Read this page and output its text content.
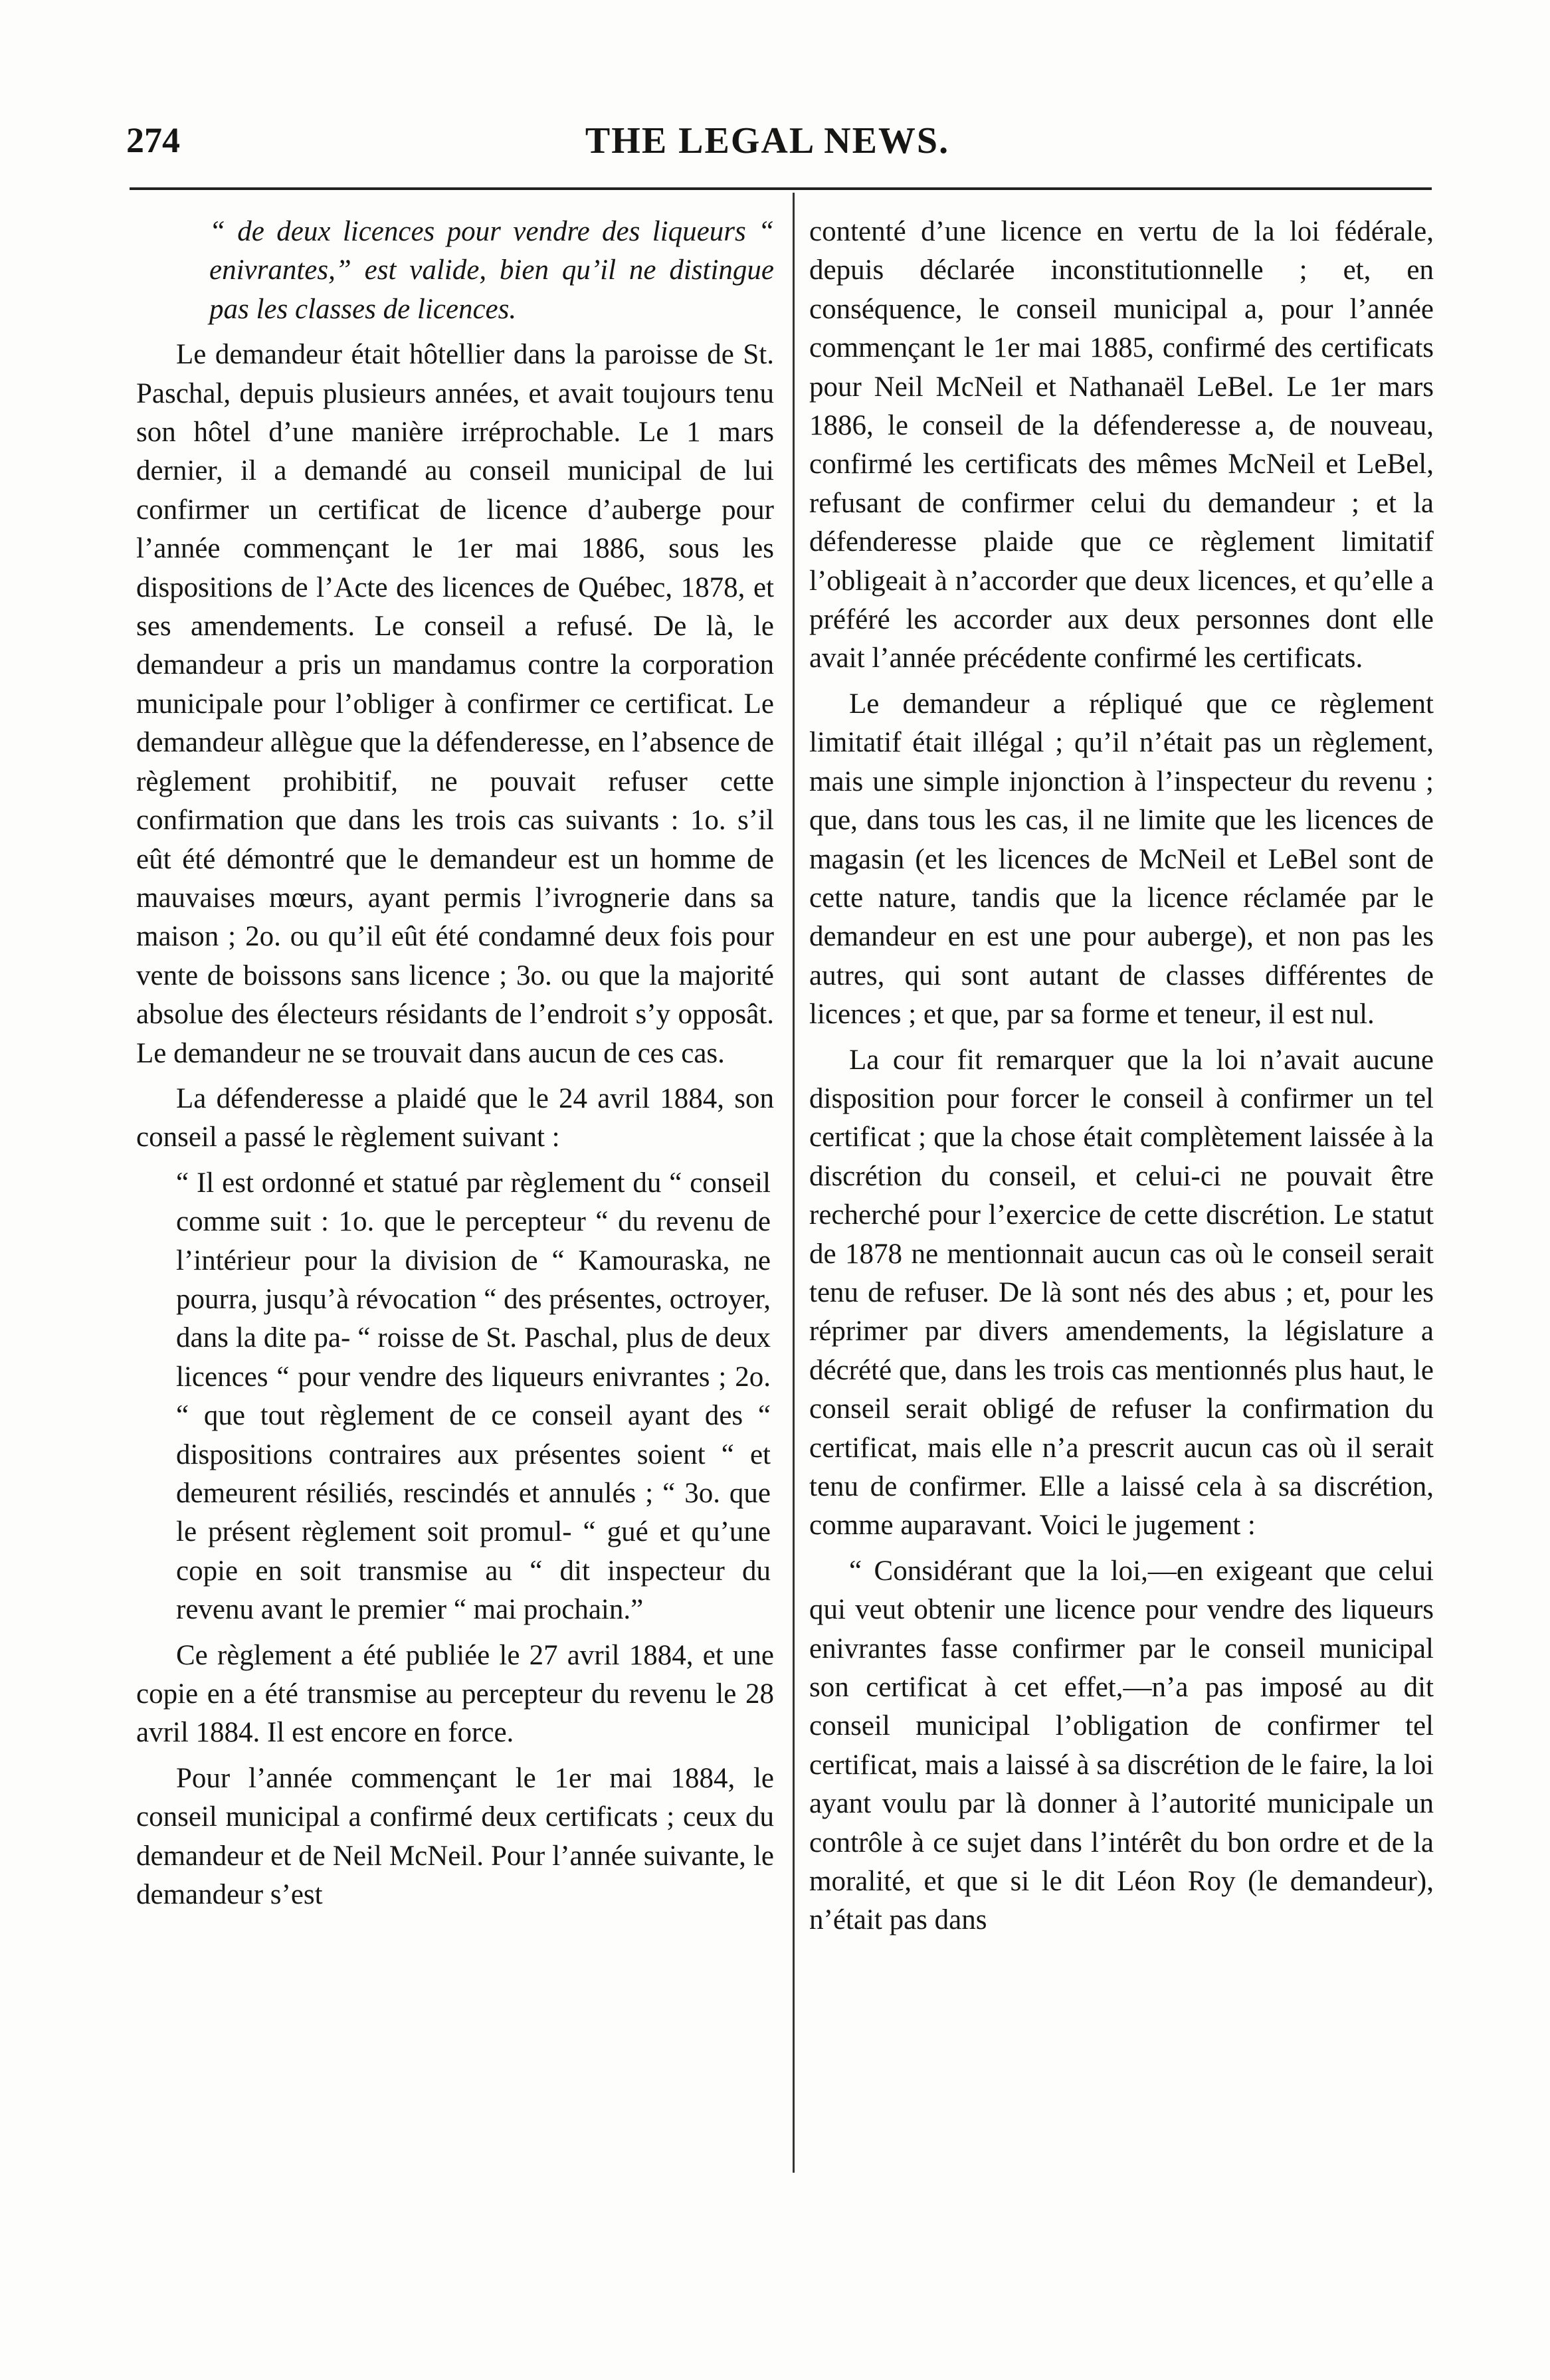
274	THE LEGAL NEWS.

“ de deux licences pour vendre des liqueurs “ enivrantes,” est valide, bien qu’il ne distingue pas les classes de licences.

Le demandeur était hôtellier dans la paroisse de St. Paschal, depuis plusieurs années, et avait toujours tenu son hôtel d’une manière irréprochable. Le 1 mars dernier, il a demandé au conseil municipal de lui confirmer un certificat de licence d’auberge pour l’année commençant le 1er mai 1886, sous les dispositions de l’Acte des licences de Québec, 1878, et ses amendements. Le conseil a refusé. De là, le demandeur a pris un mandamus contre la corporation municipale pour l’obliger à confirmer ce certificat. Le demandeur allègue que la défenderesse, en l’absence de règlement prohibitif, ne pouvait refuser cette confirmation que dans les trois cas suivants : 1o. s’il eût été démontré que le demandeur est un homme de mauvaises mœurs, ayant permis l’ivrognerie dans sa maison ; 2o. ou qu’il eût été condamné deux fois pour vente de boissons sans licence ; 3o. ou que la majorité absolue des électeurs résidants de l’endroit s’y opposât. Le demandeur ne se trouvait dans aucun de ces cas.

La défenderesse a plaidé que le 24 avril 1884, son conseil a passé le règlement suivant :

“ Il est ordonné et statué par règlement du “ conseil comme suit : 1o. que le percepteur “ du revenu de l’intérieur pour la division de “ Kamouraska, ne pourra, jusqu’à révocation “ des présentes, octroyer, dans la dite pa- “ roisse de St. Paschal, plus de deux licences “ pour vendre des liqueurs enivrantes ; 2o. “ que tout règlement de ce conseil ayant des “ dispositions contraires aux présentes soient “ et demeurent résiliés, rescindés et annulés ; “ 3o. que le présent règlement soit promul- “ gué et qu’une copie en soit transmise au “ dit inspecteur du revenu avant le premier “ mai prochain.”

Ce règlement a été publiée le 27 avril 1884, et une copie en a été transmise au percepteur du revenu le 28 avril 1884. Il est encore en force.

Pour l’année commençant le 1er mai 1884, le conseil municipal a confirmé deux certificats ; ceux du demandeur et de Neil McNeil. Pour l’année suivante, le demandeur s’est

contenté d’une licence en vertu de la loi fédérale, depuis déclarée inconstitutionnelle ; et, en conséquence, le conseil municipal a, pour l’année commençant le 1er mai 1885, confirmé des certificats pour Neil McNeil et Nathanaël LeBel. Le 1er mars 1886, le conseil de la défenderesse a, de nouveau, confirmé les certificats des mêmes McNeil et LeBel, refusant de confirmer celui du demandeur ; et la défenderesse plaide que ce règlement limitatif l’obligeait à n’accorder que deux licences, et qu’elle a préféré les accorder aux deux personnes dont elle avait l’année précédente confirmé les certificats.

Le demandeur a répliqué que ce règlement limitatif était illégal ; qu’il n’était pas un règlement, mais une simple injonction à l’inspecteur du revenu ; que, dans tous les cas, il ne limite que les licences de magasin (et les licences de McNeil et LeBel sont de cette nature, tandis que la licence réclamée par le demandeur en est une pour auberge), et non pas les autres, qui sont autant de classes différentes de licences ; et que, par sa forme et teneur, il est nul.

La cour fit remarquer que la loi n’avait aucune disposition pour forcer le conseil à confirmer un tel certificat ; que la chose était complètement laissée à la discrétion du conseil, et celui-ci ne pouvait être recherché pour l’exercice de cette discrétion. Le statut de 1878 ne mentionnait aucun cas où le conseil serait tenu de refuser. De là sont nés des abus ; et, pour les réprimer par divers amendements, la législature a décrété que, dans les trois cas mentionnés plus haut, le conseil serait obligé de refuser la confirmation du certificat, mais elle n’a prescrit aucun cas où il serait tenu de confirmer. Elle a laissé cela à sa discrétion, comme auparavant. Voici le jugement :

“ Considérant que la loi,—en exigeant que celui qui veut obtenir une licence pour vendre des liqueurs enivrantes fasse confirmer par le conseil municipal son certificat à cet effet,—n’a pas imposé au dit conseil municipal l’obligation de confirmer tel certificat, mais a laissé à sa discrétion de le faire, la loi ayant voulu par là donner à l’autorité municipale un contrôle à ce sujet dans l’intérêt du bon ordre et de la moralité, et que si le dit Léon Roy (le demandeur), n’était pas dans
